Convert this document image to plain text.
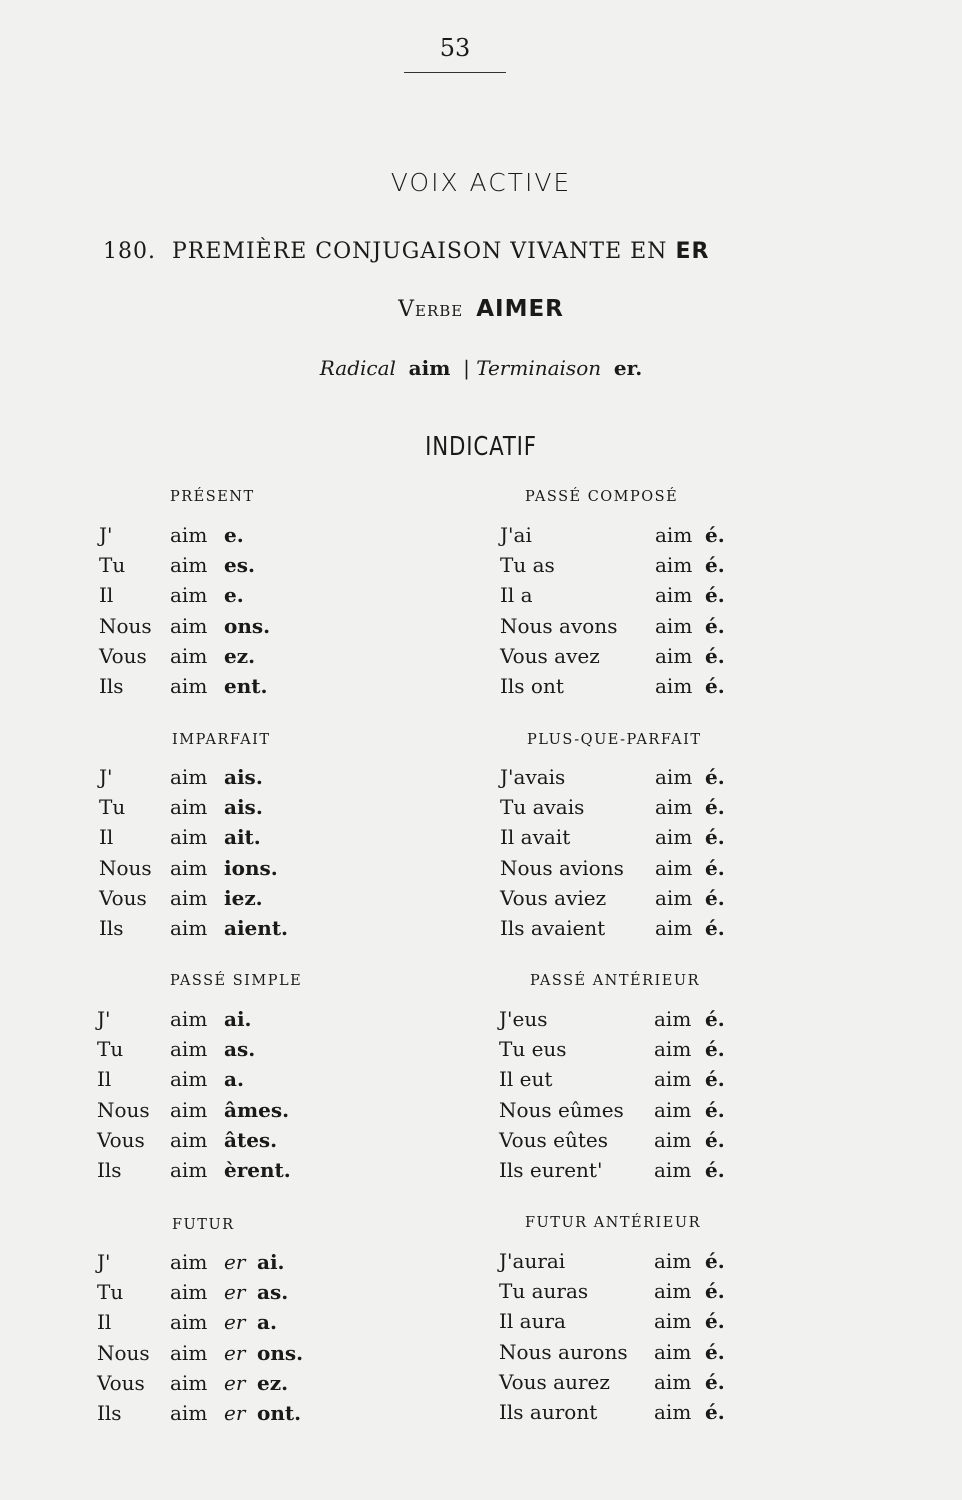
53
VOIX ACTIVE
180. PREMIÈRE CONJUGAISON VIVANTE EN ER
Verbe AIMER
Radical aim | Terminaison er.
INDICATIF
PRÉSENT
J'	aim e.
Tu aim es.
Il	aim e.
Nous aim ons.
Vous aim ez.
Ils aim ent.
PASSÉ COMPOSÉ
J'ai	aim é.
Tu as	aim é.
Il a	aim é.
Nous avons aim é.
Vous avez	aim é.
Ils ont	aim é.
IMPARFAIT
J'	aim ais.
Tu aim ais.
Il	aim ait.
Nous aim ions.
Vous aim iez.
Ils aim aient.
PLUS-QUE-PARFAIT
J'avais	aim é.
Tu avais	aim é.
Il avait	aim é.
Nous avions aim é.
Vous aviez aim é.
Ils avaient aim é.
PASSÉ SIMPLE
J'	aim ai.
Tu aim as.
Il	aim a.
Nous aim âmes.
Vous aim âtes.
Ils aim èrent.
PASSÉ ANTÉRIEUR
J'eus	aim é.
Tu eus	aim é.
Il eut	aim é.
Nous eûmes aim é.
Vous eûtes aim é.
Ils eurent'	aim é.
FUTUR
J'	aim er ai.
Tu aim er as.
Il	aim er a.
Nous aim er ons.
Vous aim er ez.
Ils aim er ont.
FUTUR ANTÉRIEUR
J'aurai	aim é.
Tu auras	aim é.
Il aura	aim é.
Nous aurons aim é.
Vous aurez aim é.
Ils auront	aim é.
